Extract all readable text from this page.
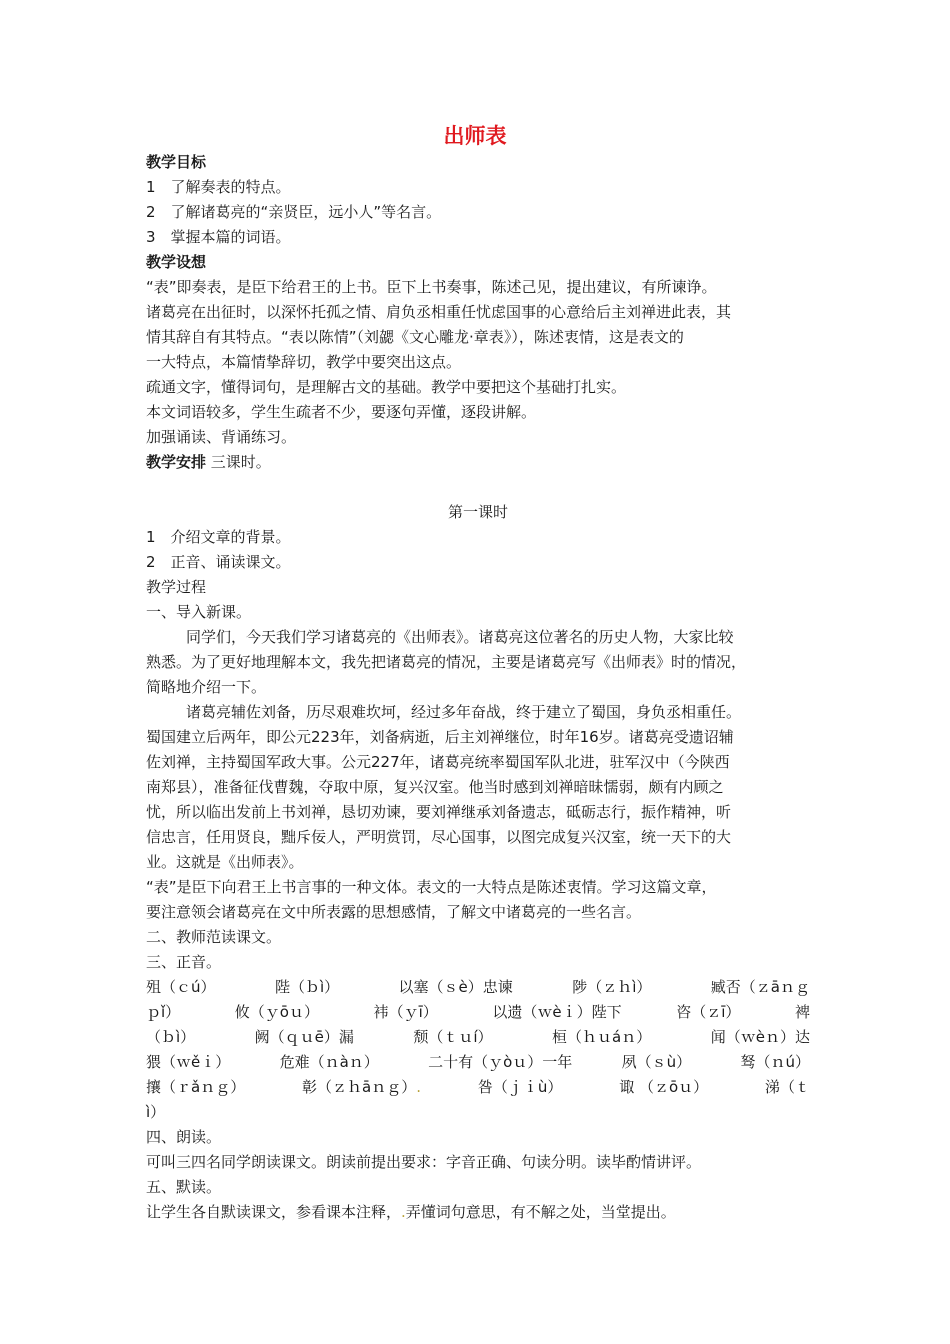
出师表

教学目标

1　了解奏表的特点。

2　了解诸葛亮的“亲贤臣，远小人”等名言。

3　掌握本篇的词语。

教学设想

“表”即奏表，是臣下给君王的上书。臣下上书奏事，陈述己见，提出建议，有所谏诤。

诸葛亮在出征时，以深怀托孤之情、肩负丞相重任忧虑国事的心意给后主刘禅进此表，其

情其辞自有其特点。“表以陈情”（刘勰《文心雕龙·章表》），陈述衷情，这是表文的

一大特点，本篇情挚辞切，教学中要突出这点。

疏通文字，懂得词句，是理解古文的基础。教学中要把这个基础打扎实。

本文词语较多，学生生疏者不少，要逐句弄懂，逐段讲解。

加强诵读、背诵练习。

教学安排 三课时。

第一课时

1　介绍文章的背景。

2　正音、诵读课文。

教学过程

一、导入新课。

同学们，今天我们学习诸葛亮的《出师表》。诸葛亮这位著名的历史人物，大家比较

熟悉。为了更好地理解本文，我先把诸葛亮的情况，主要是诸葛亮写《出师表》时的情况，

简略地介绍一下。

诸葛亮辅佐刘备，历尽艰难坎坷，经过多年奋战，终于建立了蜀国，身负丞相重任。

蜀国建立后两年，即公元223年，刘备病逝，后主刘禅继位，时年16岁。诸葛亮受遗诏辅

佐刘禅，主持蜀国军政大事。公元227年，诸葛亮统率蜀国军队北进，驻军汉中（今陕西

南郑县），准备征伐曹魏，夺取中原，复兴汉室。他当时感到刘禅暗昧懦弱，颇有内顾之

忧，所以临出发前上书刘禅，恳切劝谏，要刘禅继承刘备遗志，砥砺志行，振作精神，听

信忠言，任用贤良，黜斥佞人，严明赏罚，尽心国事，以图完成复兴汉室，统一天下的大

业。这就是《出师表》。

“表”是臣下向君王上书言事的一种文体。表文的一大特点是陈述衷情。学习这篇文章，

要注意领会诸葛亮在文中所表露的思想感情，了解文中诸葛亮的一些名言。

二、教师范读课文。

三、正音。

殂（ｃú）	陛（ｂì）	以塞（ｓè）忠谏	陟（ｚｈì）	臧否（ｚāｎｇ
ｐǐ）	攸（ｙōｕ）	袆（ｙī）	以遗（ｗèｉ）陛下	咨（ｚī）	裨
（ｂì）	阙（ｑｕē）漏	颓（ｔｕí）	桓（ｈｕáｎ）	闻（ｗèｎ）达
猥（ｗěｉ）	危难（ｎàｎ）	二十有（ｙòｕ）一年	夙（ｓù）	驽（ｎú）
攘（ｒǎｎｇ）	彰（ｚｈāｎｇ）.	咎（ｊｉù）	诹 （ｚōｕ）	涕（ｔ

ì）

四、朗读。

可叫三四名同学朗读课文。朗读前提出要求：字音正确、句读分明。读毕酌情讲评。

五、默读。

让学生各自默读课文，参看课本注释，.弄懂词句意思，有不解之处，当堂提出。
